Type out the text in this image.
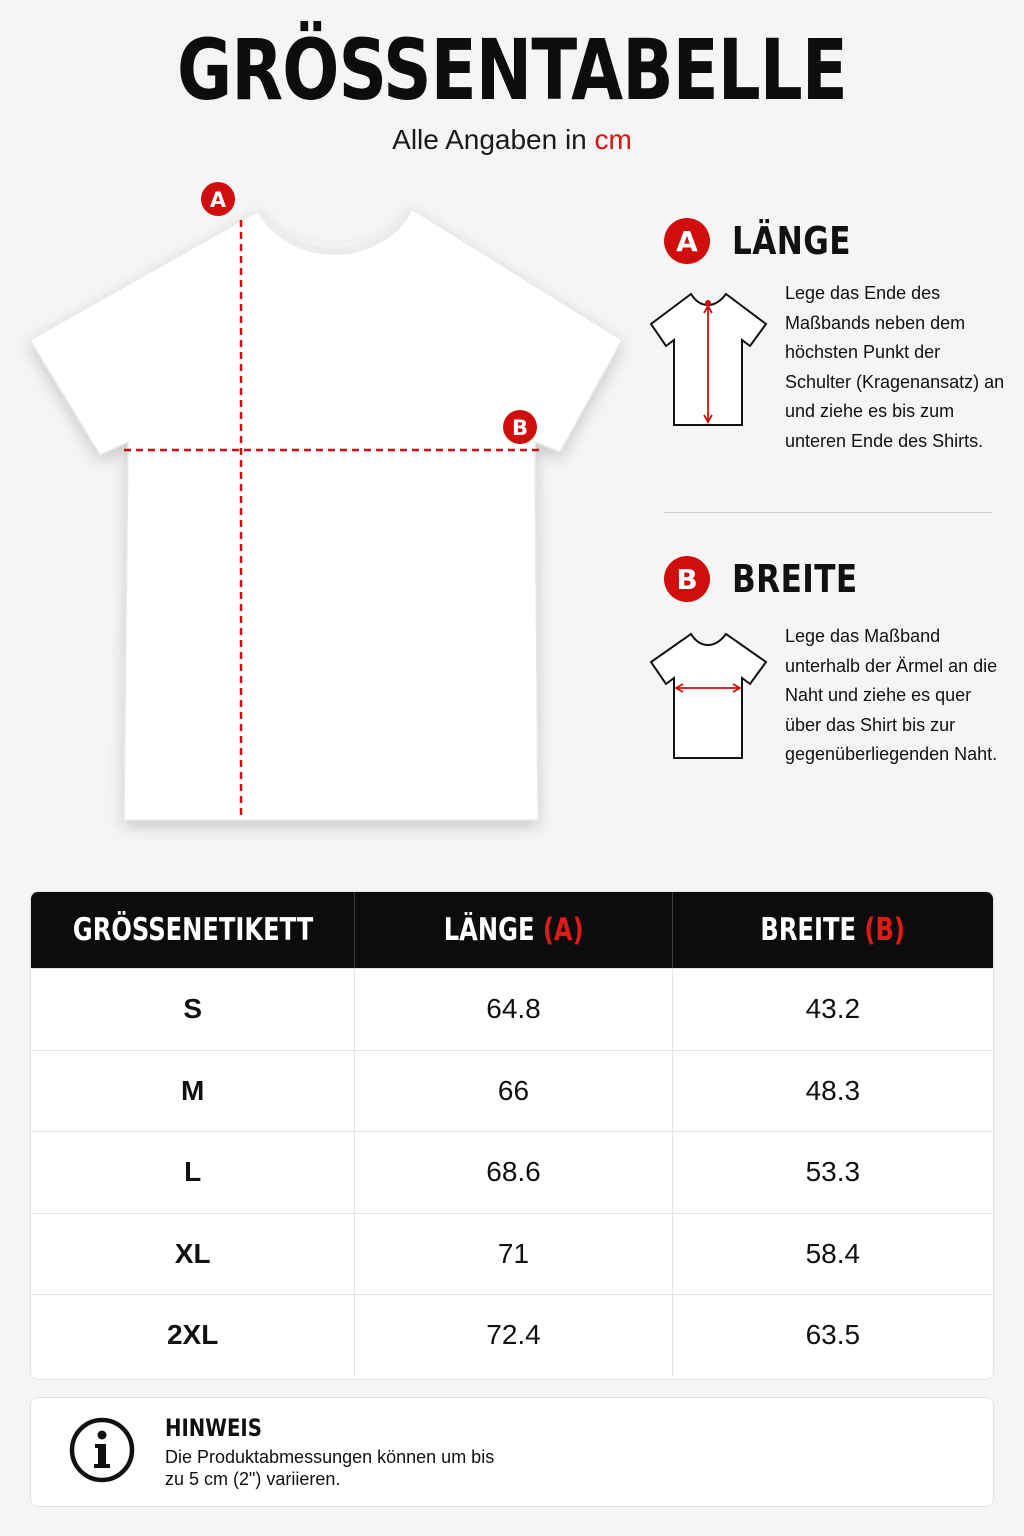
GRÖSSENTABELLE
Alle Angaben in cm
A
B
A LÄNGE
Lege das Ende des Maßbands neben dem höchsten Punkt der Schulter (Kragenansatz) an und ziehe es bis zum unteren Ende des Shirts.
B BREITE
Lege das Maßband unterhalb der Ärmel an die Naht und ziehe es quer über das Shirt bis zur gegenüberliegenden Naht.
GRÖSSENETIKETT	LÄNGE (A)	BREITE (B)
S	64.8	43.2
M	66	48.3
L	68.6	53.3
XL	71	58.4
2XL	72.4	63.5
HINWEIS
Die Produktabmessungen können um bis zu 5 cm (2") variieren.
